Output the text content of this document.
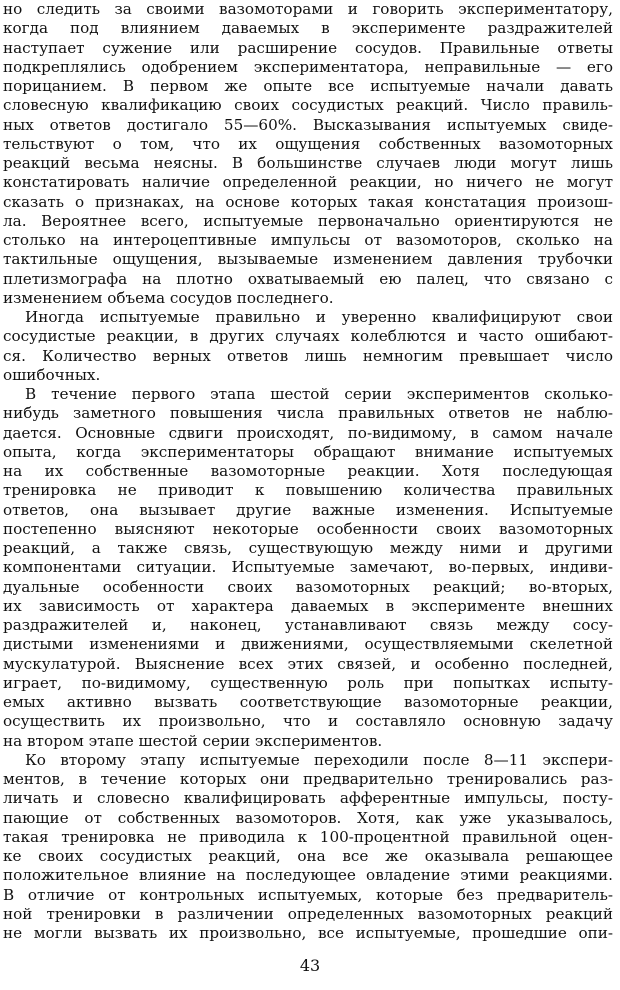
но следить за своими вазомоторами и говорить экспериментатору,
когда под влиянием даваемых в эксперименте раздражителей
наступает сужение или расширение сосудов. Правильные ответы
подкреплялись одобрением экспериментатора, неправильные — его
порицанием. В первом же опыте все испытуемые начали давать
словесную квалификацию своих сосудистых реакций. Число правиль-
ных ответов достигало 55—60%. Высказывания испытуемых свиде-
тельствуют о том, что их ощущения собственных вазомоторных
реакций весьма неясны. В большинстве случаев люди могут лишь
констатировать наличие определенной реакции, но ничего не могут
сказать о признаках, на основе которых такая констатация произош-
ла. Вероятнее всего, испытуемые первоначально ориентируются не
столько на интероцептивные импульсы от вазомоторов, сколько на
тактильные ощущения, вызываемые изменением давления трубочки
плетизмографа на плотно охватываемый ею палец, что связано с
изменением объема сосудов последнего.
Иногда испытуемые правильно и уверенно квалифицируют свои
сосудистые реакции, в других случаях колеблются и часто ошибают-
ся. Количество верных ответов лишь немногим превышает число
ошибочных.
В течение первого этапа шестой серии экспериментов сколько-
нибудь заметного повышения числа правильных ответов не наблю-
дается. Основные сдвиги происходят, по-видимому, в самом начале
опыта, когда экспериментаторы обращают внимание испытуемых
на их собственные вазомоторные реакции. Хотя последующая
тренировка не приводит к повышению количества правильных
ответов, она вызывает другие важные изменения. Испытуемые
постепенно выясняют некоторые особенности своих вазомоторных
реакций, а также связь, существующую между ними и другими
компонентами ситуации. Испытуемые замечают, во-первых, индиви-
дуальные особенности своих вазомоторных реакций; во-вторых,
их зависимость от характера даваемых в эксперименте внешних
раздражителей и, наконец, устанавливают связь между сосу-
дистыми изменениями и движениями, осуществляемыми скелетной
мускулатурой. Выяснение всех этих связей, и особенно последней,
играет, по-видимому, существенную роль при попытках испыту-
емых активно вызвать соответствующие вазомоторные реакции,
осуществить их произвольно, что и составляло основную задачу
на втором этапе шестой серии экспериментов.
Ко второму этапу испытуемые переходили после 8—11 экспери-
ментов, в течение которых они предварительно тренировались раз-
личать и словесно квалифицировать афферентные импульсы, посту-
пающие от собственных вазомоторов. Хотя, как уже указывалось,
такая тренировка не приводила к 100-процентной правильной оцен-
ке своих сосудистых реакций, она все же оказывала решающее
положительное влияние на последующее овладение этими реакциями.
В отличие от контрольных испытуемых, которые без предваритель-
ной тренировки в различении определенных вазомоторных реакций
не могли вызвать их произвольно, все испытуемые, прошедшие опи-
43
